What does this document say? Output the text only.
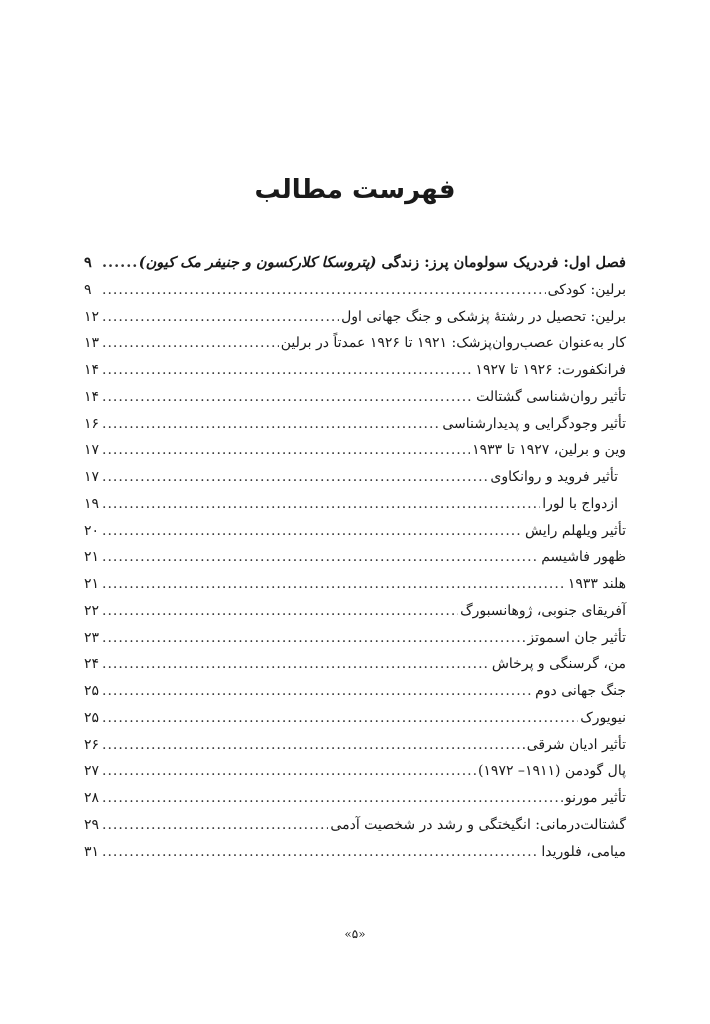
فهرست مطالب
فصل اول: فردریک سولومان پرز: زندگی (پتروسکا کلارکسون و جنیفر مک کیون)
.....
۹
برلین: کودکی
.....
۹
برلین: تحصیل در رشتهٔ پزشکی و جنگ جهانی اول
.....
۱۲
کار به‌عنوان عصب‌روان‌پزشک: ۱۹۲۱ تا ۱۹۲۶ عمدتاً در برلین
.....
۱۳
فرانکفورت: ۱۹۲۶ تا ۱۹۲۷
.....
۱۴
تأثیر روان‌شناسی گشتالت
.....
۱۴
تأثیر وجودگرایی و پدیدارشناسی
.....
۱۶
وین و برلین، ۱۹۲۷ تا ۱۹۳۳
.....
۱۷
تأثیر فروید و روانکاوی
.....
۱۷
ازدواج با لورا
.....
۱۹
تأثیر ویلهلم رایش
.....
۲۰
ظهور فاشیسم
.....
۲۱
هلند ۱۹۳۳
.....
۲۱
آفریقای جنوبی، ژوهانسبورگ
.....
۲۲
تأثیر جان اسموتز
.....
۲۳
من، گرسنگی و پرخاش
.....
۲۴
جنگ جهانی دوم
.....
۲۵
نیویورک
.....
۲۵
تأثیر ادیان شرقی
.....
۲۶
پال گودمن (۱۹۱۱– ۱۹۷۲)
.....
۲۷
تأثیر مورنو
.....
۲۸
گشتالت‌درمانی: انگیختگی و رشد در شخصیت آدمی
.....
۲۹
میامی، فلوریدا
.....
۳۱
«۵»
